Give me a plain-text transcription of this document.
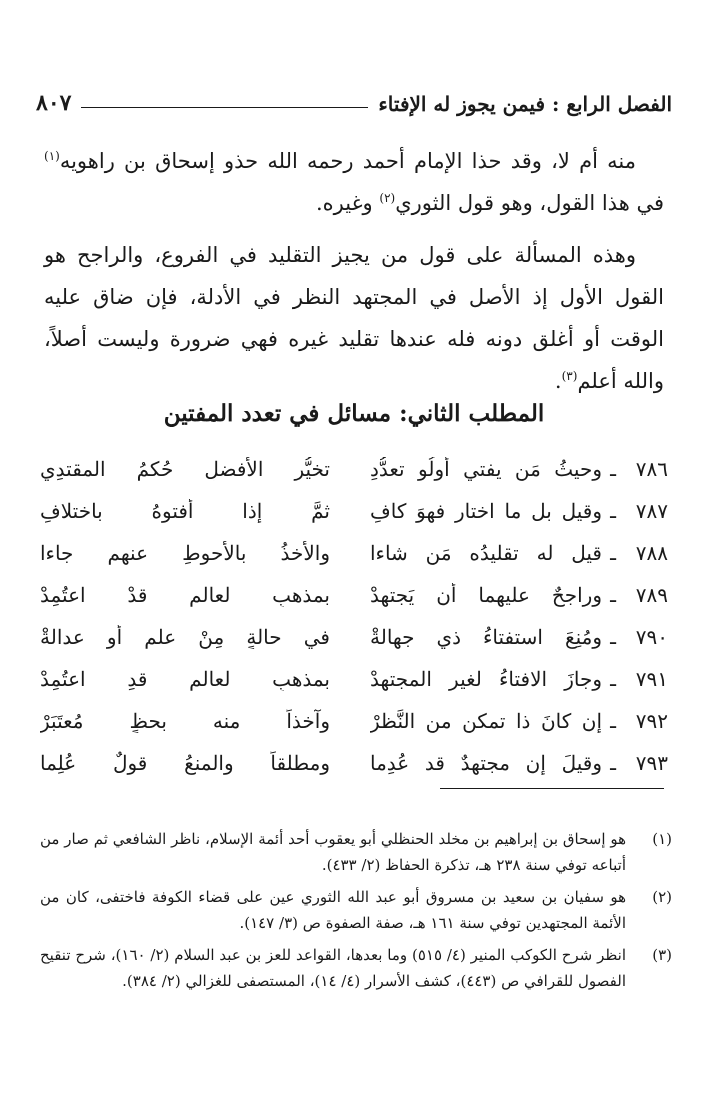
الفصل الرابع : فيمن يجوز له الإفتاء
٨٠٧

منه أم لا، وقد حذا الإمام أحمد رحمه الله حذو إسحاق بن راهويه$^{(١)}$ في هذا القول، وهو قول الثوري$^{(٢)}$ وغيره.

وهذه المسألة على قول من يجيز التقليد في الفروع، والراجح هو القول الأول إذ الأصل في المجتهد النظر في الأدلة، فإن ضاق عليه الوقت أو أغلق دونه فله عندها تقليد غيره فهي ضرورة وليست أصلاً، والله أعلم$^{(٣)}$.

المطلب الثاني: مسائل في تعدد المفتين
٧٨٦
ـ
وحيثُ مَن يفتي أولُو تعدُّدِ
تخيُّر الأفضلِ حُكمُ المقتدِي
٧٨٧
ـ
وقيل بل ما اختار فهوَ كافِ
ثمَّ إذا أفتوهُ باختلافِ
٧٨٨
ـ
قيل له تقليدُه مَن شاءا
والأخذُ بالأحوطِ عنهم جاءا
٧٨٩
ـ
وراجحٌ عليهما أن يَجتهدْ
بمذهبِ لعالمٍ قدْ اعتُمِدْ
٧٩٠
ـ
ومُنِعَ استفتاءُ ذي جهالةْ
في حالةٍ مِنْ علمٍ أو عدالةْ
٧٩١
ـ
وجازَ الافتاءُ لغيرِ المجتهدْ
بمذهبِ لعالمٍ قدِ اعتُمِدْ
٧٩٢
ـ
إن كانَ ذا تمكنٍ من النَّظرْ
وآخذاً منه بحظٍ مُعتَبَرْ
٧٩٣
ـ
وقيلَ إن مجتهدٌ قد عُدِما
ومطلقاً والمنعُ قولٌ عُلِما
(١)
هو إسحاق بن إبراهيم بن مخلد الحنظلي أبو يعقوب أحد أئمة الإسلام، ناظر الشافعي ثم صار من أتباعه توفي سنة ٢٣٨ هـ، تذكرة الحفاظ (٢/ ٤٣٣).
(٢)
هو سفيان بن سعيد بن مسروق أبو عبد الله الثوري عين على قضاء الكوفة فاختفى، كان من الأئمة المجتهدين توفي سنة ١٦١ هـ، صفة الصفوة ص (٣/ ١٤٧).
(٣)
انظر شرح الكوكب المنير (٤/ ٥١٥) وما بعدها، القواعد للعز بن عبد السلام (٢/ ١٦٠)، شرح تنقيح الفصول للقرافي ص (٤٤٣)، كشف الأسرار (٤/ ١٤)، المستصفى للغزالي (٢/ ٣٨٤).
